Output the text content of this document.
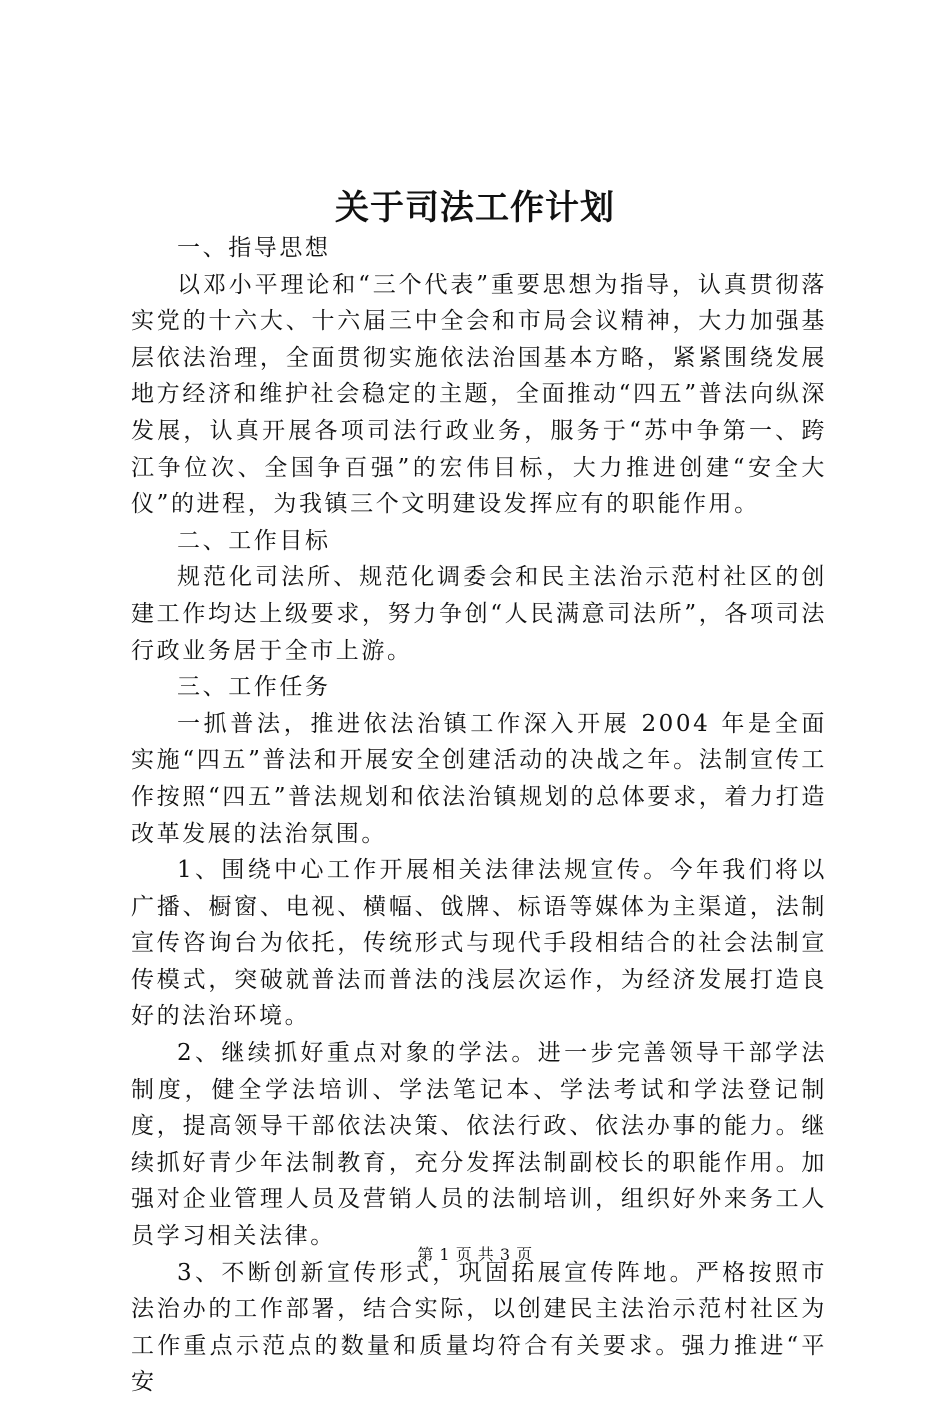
关于司法工作计划

一、指导思想

以邓小平理论和“三个代表”重要思想为指导，认真贯彻落实党的十六大、十六届三中全会和市局会议精神，大力加强基层依法治理，全面贯彻实施依法治国基本方略，紧紧围绕发展地方经济和维护社会稳定的主题，全面推动“四五”普法向纵深发展，认真开展各项司法行政业务，服务于“苏中争第一、跨江争位次、全国争百强”的宏伟目标，大力推进创建“安全大仪”的进程，为我镇三个文明建设发挥应有的职能作用。

二、工作目标

规范化司法所、规范化调委会和民主法治示范村社区的创建工作均达上级要求，努力争创“人民满意司法所”，各项司法行政业务居于全市上游。

三、工作任务

一抓普法，推进依法治镇工作深入开展 2004 年是全面实施“四五”普法和开展安全创建活动的决战之年。法制宣传工作按照“四五”普法规划和依法治镇规划的总体要求，着力打造改革发展的法治氛围。

1、围绕中心工作开展相关法律法规宣传。今年我们将以广播、橱窗、电视、横幅、戗牌、标语等媒体为主渠道，法制宣传咨询台为依托，传统形式与现代手段相结合的社会法制宣传模式，突破就普法而普法的浅层次运作，为经济发展打造良好的法治环境。

2、继续抓好重点对象的学法。进一步完善领导干部学法制度，健全学法培训、学法笔记本、学法考试和学法登记制度，提高领导干部依法决策、依法行政、依法办事的能力。继续抓好青少年法制教育，充分发挥法制副校长的职能作用。加强对企业管理人员及营销人员的法制培训，组织好外来务工人员学习相关法律。

3、不断创新宣传形式，巩固拓展宣传阵地。严格按照市法治办的工作部署，结合实际，以创建民主法治示范村社区为工作重点示范点的数量和质量均符合有关要求。强力推进“平安

第 1 页 共 3 页
